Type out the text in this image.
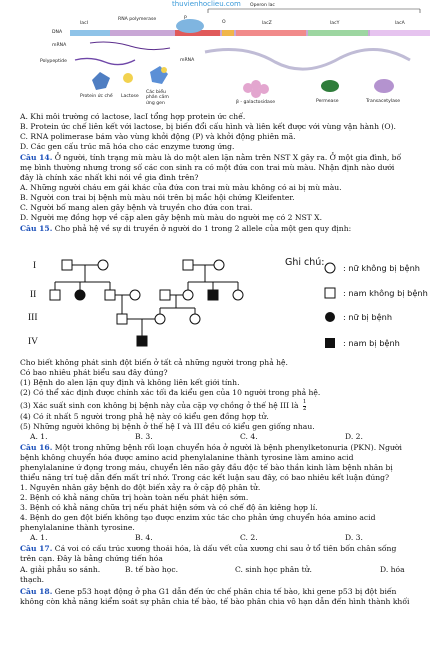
thuvienhoclieu.com Operon lac
lacI
RNA polymerase	P
O	lacZ	lacY	lacA
DNA
mRNA
Polypeptide	mRNA
Protein ức chế Lactose
Các biểu phân cảm ứng gen	β - galactosidase	Permease	Transacetylase
A. Khi môi trường có lactose, lacI tổng hợp protein ức chế.
B. Protein ức chế liên kết với lactose, bị biến đổi cấu hình và liên kết được với vùng vận hành (O).
C. RNA polimerase bám vào vùng khởi động (P) và khởi động phiên mã.
D. Các gen cấu trúc mã hóa cho các enzyme tương ứng.
Câu 14. Ở người, tính trạng mù màu là do một alen lặn nằm trên NST X gây ra. Ở một gia đình, bố
mẹ bình thường nhưng trong số các con sinh ra có một đứa con trai mù màu. Nhận định nào dưới
đây là chính xác nhất khi nói về gia đình trên?
A. Những người cháu em gái khác của đứa con trai mù màu không có ai bị mù màu.
B. Người con trai bị bệnh mù màu nói trên bị mắc hội chứng Kleifenter.
C. Người bố mang alen gây bệnh và truyền cho đứa con trai.
D. Người mẹ đồng hợp về cặp alen gây bệnh mù màu do người mẹ có 2 NST X.
Câu 15. Cho phả hệ về sự di truyền ở người do 1 trong 2 allele của một gen quy định:
I
II
III
IV
Ghi chú: : nữ không bị bệnh
: nam không bị bệnh
: nữ bị bệnh
: nam bị bệnh
Cho biết không phát sinh đột biến ở tất cả những người trong phả hệ.
Có bao nhiêu phát biểu sau đây đúng?
(1) Bệnh do alen lặn quy định và không liên kết giới tính.
(2) Có thể xác định được chính xác tối đa kiểu gen của 10 người trong phả hệ.
(3) Xác suất sinh con không bị bệnh này của cặp vợ chồng ở thế hệ III là $\frac{1}{2}$
(4) Có ít nhất 5 người trong phả hệ này có kiểu gen đồng hợp tử.
(5) Những người không bị bệnh ở thế hệ I và III đều có kiểu gen giống nhau.
A. 1.	B. 3.	C. 4.	D. 2.
Câu 16. Một trong những bệnh rối loạn chuyển hóa ở người là bệnh phenylketonuria (PKN). Người
bệnh không chuyển hóa được amino acid phenylalanine thành tyrosine làm amino acid
phenylalanine ứ đọng trong máu, chuyển lên não gây đầu độc tế bào thần kinh làm bệnh nhân bị
thiểu năng trí tuệ dẫn đến mất trí nhớ. Trong các kết luận sau đây, có bao nhiêu kết luận đúng?
1. Nguyên nhân gây bệnh do đột biến xảy ra ở cặp độ phân tử.
2. Bệnh có khả năng chữa trị hoàn toàn nếu phát hiện sớm.
3. Bệnh có khả năng chữa trị nếu phát hiện sớm và có chế độ ăn kiêng hợp lí.
4. Bệnh do gen đột biến không tạo được enzim xúc tác cho phản ứng chuyển hóa amino acid
phenylalanine thành tyrosine.
A. 1.	B. 4.	C. 2.	D. 3.
Câu 17. Cá voi có cấu trúc xương thoái hóa, là dấu vết của xương chi sau ở tổ tiên bốn chân sống
trên cạn. Đây là bằng chứng tiến hóa
A. giải phẫu so sánh.	B. tế bào học.	C. sinh học phân tử.	D. hóa
thạch.
Câu 18. Gene p53 hoạt động ở pha G1 dẫn đến ức chế phân chia tế bào, khi gene p53 bị đột biến
không còn khả năng kiểm soát sự phân chia tế bào, tế bào phân chia vô hạn dẫn đến hình thành khối
